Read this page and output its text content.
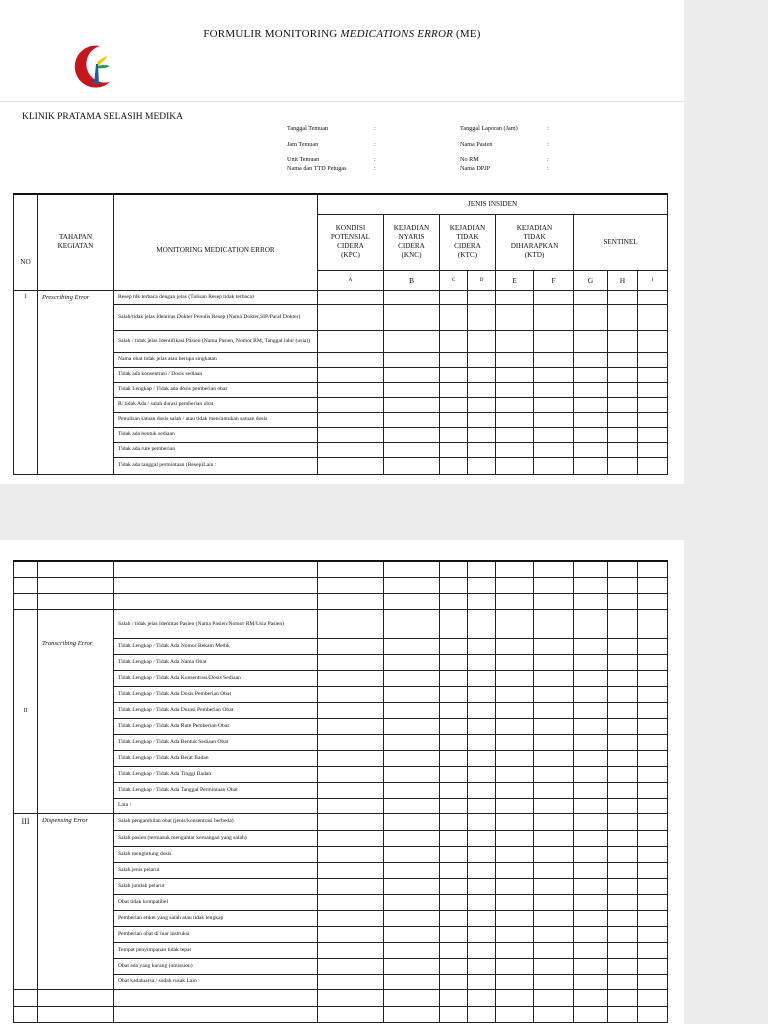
FORMULIR MONITORING MEDICATIONS ERROR (ME)
KLINIK PRATAMA SELASIH MEDIKA
Tanggal Temuan	:
Jam Temuan	:
Unit Temuan	:
Nama dan TTD Petugas	:
Tanggal Laporan (Jam)	:
Nama Pasien	:
No RM	:
Nama DPJP	:
NO	TAHAPAN KEGIATAN	MONITORING MEDICATION ERROR	JENIS INSIDEN								
			KONDISI
POTENSIAL
CIDERA
(KPC)	KEJADIAN
NYARIS
CIDERA
(KNC)	KEJADIAN
TIDAK
CIDERA
(KTC)		KEJADIAN
TIDAK
DIHARAPKAN
(KTD)		SENTINEL		
			A	B	C	D	E	F	G	H	I
I	Prescribing Error	Resep tdk terbaca dengan jelas (Tulisan Resep tidak terbaca)									
		Salah/tidak jelas Identitas Dokter Penulis Resep (Nama Dokter,SIP/Paraf Dokter)									
		Salah / tidak jelas Identifikasi Pasien (Nama Pasien, Nomor RM, Tanggal lahir (usia))									
		Nama obat tidak jelas atau berupa singkatan									
		Tidak ada konsentrasi / Dosis sediaan									
		Tidak Lengkap / Tidak ada dosis pemberian obat									
		R/ tidak Ada / salah durasi pemberian obat									
		Penulisan satuan dosis salah / atau tidak mencantukan satuan dosis									
		Tidak ada bentuk sediaan									
		Tidak ada rute pemberian									
		Tidak ada tanggal permintaan (Resep)Lain :									

II	Transcribing Error	Salah / tidak jelas Identitas Pasien (Nama Pasien/Nomor RM/Usia Pasien)									
		Tidak Lengkap / Tidak Ada Nomor Rekam Medik									
		Tidak Lengkap / Tidak Ada Nama Obat									
		Tidak Lengkap / Tidak Ada Konsentrasi/Dosis Sediaan									
		Tidak Lengkap / Tidak Ada Dosis Pemberian Obat									
		Tidak Lengkap / Tidak Ada Durasi Pemberian Obat									
		Tidak Lengkap / Tidak Ada Rute Pemberian Obat									
		Tidak Lengkap / Tidak Ada Bentuk Sediaan Obat									
		Tidak Lengkap / Tidak Ada Berat Badan									
		Tidak Lengkap / Tidak Ada Tinggi Badan									
		Tidak Lengkap / Tidak Ada Tanggal Permintaan Obat									
		Lain :									
III	Dispensing Error	Salah pengambilan obat (jenis/konsentrasi berbeda)									
		Salah pasien (termasuk mengantar keruangan yang salah)									
		Salah menghitung dosis									
		Salah jenis pelarut									
		Salah jumlah pelarut									
		Obat tidak kompatibel									
		Pemberian etiket yang salah atau tidak lengkap									
		Pemberian obat di luar instruksi									
		Tempat penyimpanan tidak tepat									
		Obat ada yang kurang (omission)									
		Obat kadaluarsa / sudah rusak Lain :									
